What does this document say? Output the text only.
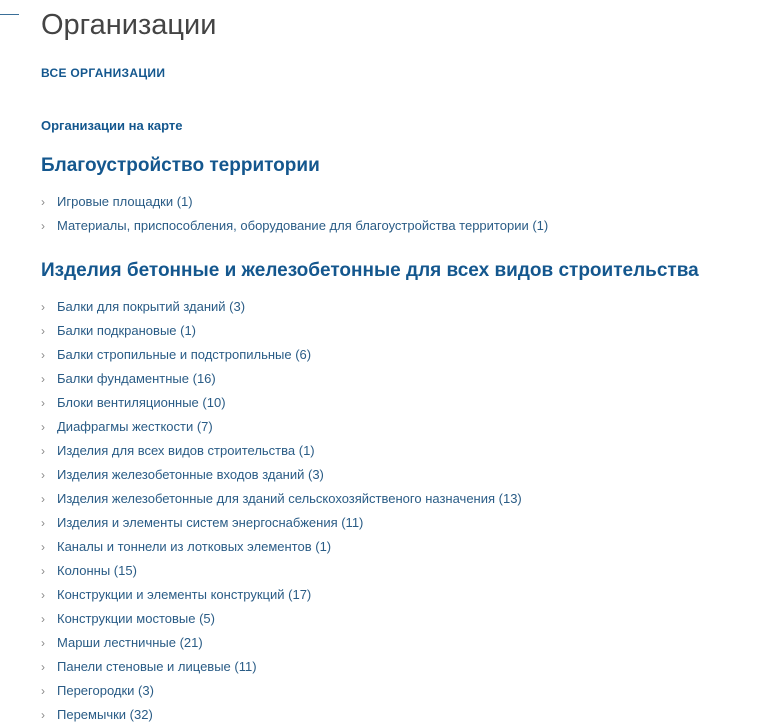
Организации
ВСЕ ОРГАНИЗАЦИИ
Организации на карте
Благоустройство территории
› Игровые площадки (1)
› Материалы, приспособления, оборудование для благоустройства территории (1)
Изделия бетонные и железобетонные для всех видов строительства
› Балки для покрытий зданий (3)
› Балки подкрановые (1)
› Балки стропильные и подстропильные (6)
› Балки фундаментные (16)
› Блоки вентиляционные (10)
› Диафрагмы жесткости (7)
› Изделия для всех видов строительства (1)
› Изделия железобетонные входов зданий (3)
› Изделия железобетонные для зданий сельскохозяйственого назначения (13)
› Изделия и элементы систем энергоснабжения (11)
› Каналы и тоннели из лотковых элементов (1)
› Колонны (15)
› Конструкции и элементы конструкций (17)
› Конструкции мостовые (5)
› Марши лестничные (21)
› Панели стеновые и лицевые (11)
› Перегородки (3)
› Перемычки (32)
